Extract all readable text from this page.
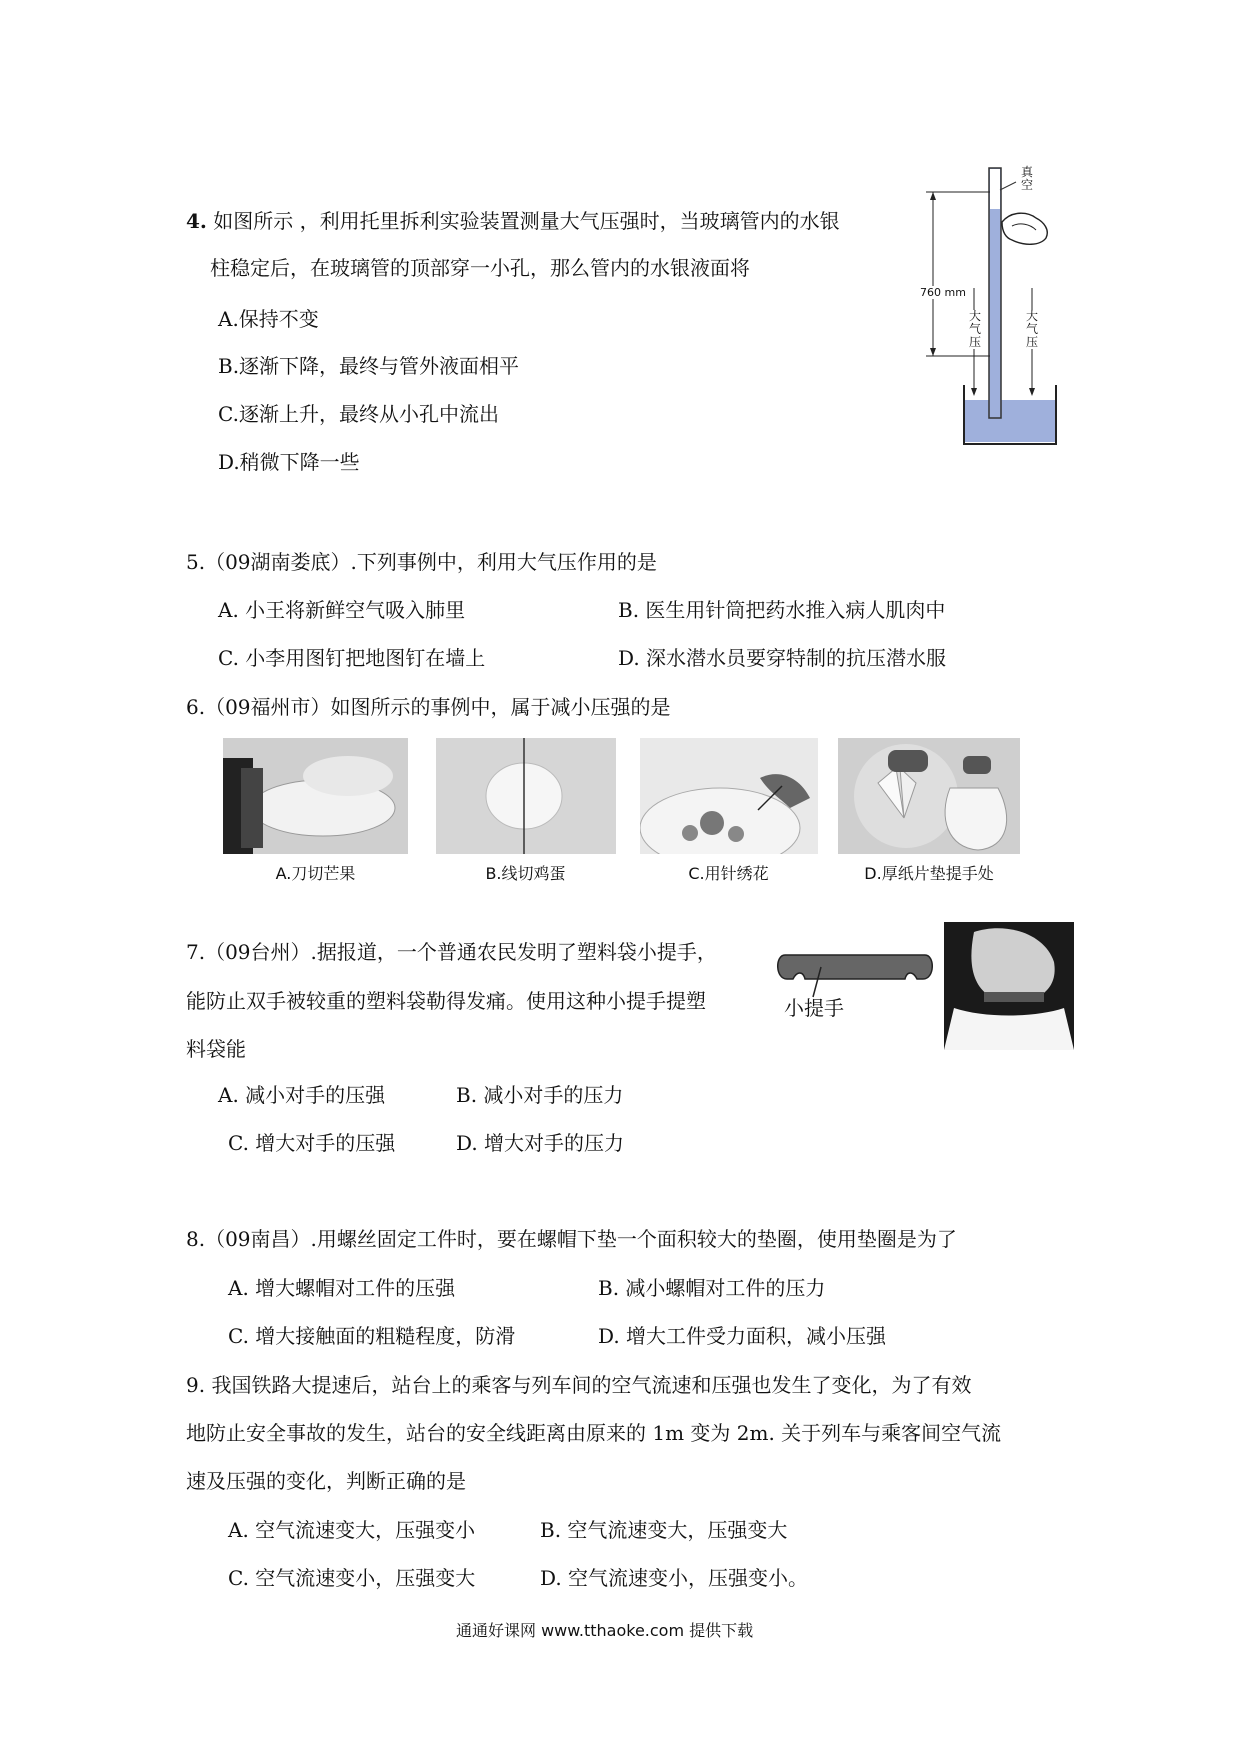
4. 如图所示 ，利用托里拆利实验装置测量大气压强时，当玻璃管内的水银
柱稳定后，在玻璃管的顶部穿一小孔，那么管内的水银液面将
A.保持不变
B.逐渐下降，最终与管外液面相平
C.逐渐上升，最终从小孔中流出
D.稍微下降一些
真空
760 mm
大气压
大气压
5.（09湖南娄底）.下列事例中，利用大气压作用的是
A. 小王将新鲜空气吸入肺里	B. 医生用针筒把药水推入病人肌肉中
C. 小李用图钉把地图钉在墙上	D. 深水潜水员要穿特制的抗压潜水服
6.（09福州市）如图所示的事例中，属于减小压强的是
A.刀切芒果	B.线切鸡蛋	C.用针绣花	D.厚纸片垫提手处
7.（09台州）.据报道，一个普通农民发明了塑料袋小提手，
能防止双手被较重的塑料袋勒得发痛。使用这种小提手提塑
料袋能
小提手
A. 减小对手的压强	B. 减小对手的压力
C. 增大对手的压强	D. 增大对手的压力
8.（09南昌）.用螺丝固定工件时，要在螺帽下垫一个面积较大的垫圈，使用垫圈是为了
A. 增大螺帽对工件的压强	B. 减小螺帽对工件的压力
C. 增大接触面的粗糙程度，防滑	D. 增大工件受力面积，减小压强
9. 我国铁路大提速后，站台上的乘客与列车间的空气流速和压强也发生了变化，为了有效
地防止安全事故的发生，站台的安全线距离由原来的 1m 变为 2m. 关于列车与乘客间空气流
速及压强的变化，判断正确的是
A. 空气流速变大，压强变小	B. 空气流速变大，压强变大
C. 空气流速变小，压强变大	D. 空气流速变小，压强变小。
通通好课网 www.tthaoke.com 提供下载
